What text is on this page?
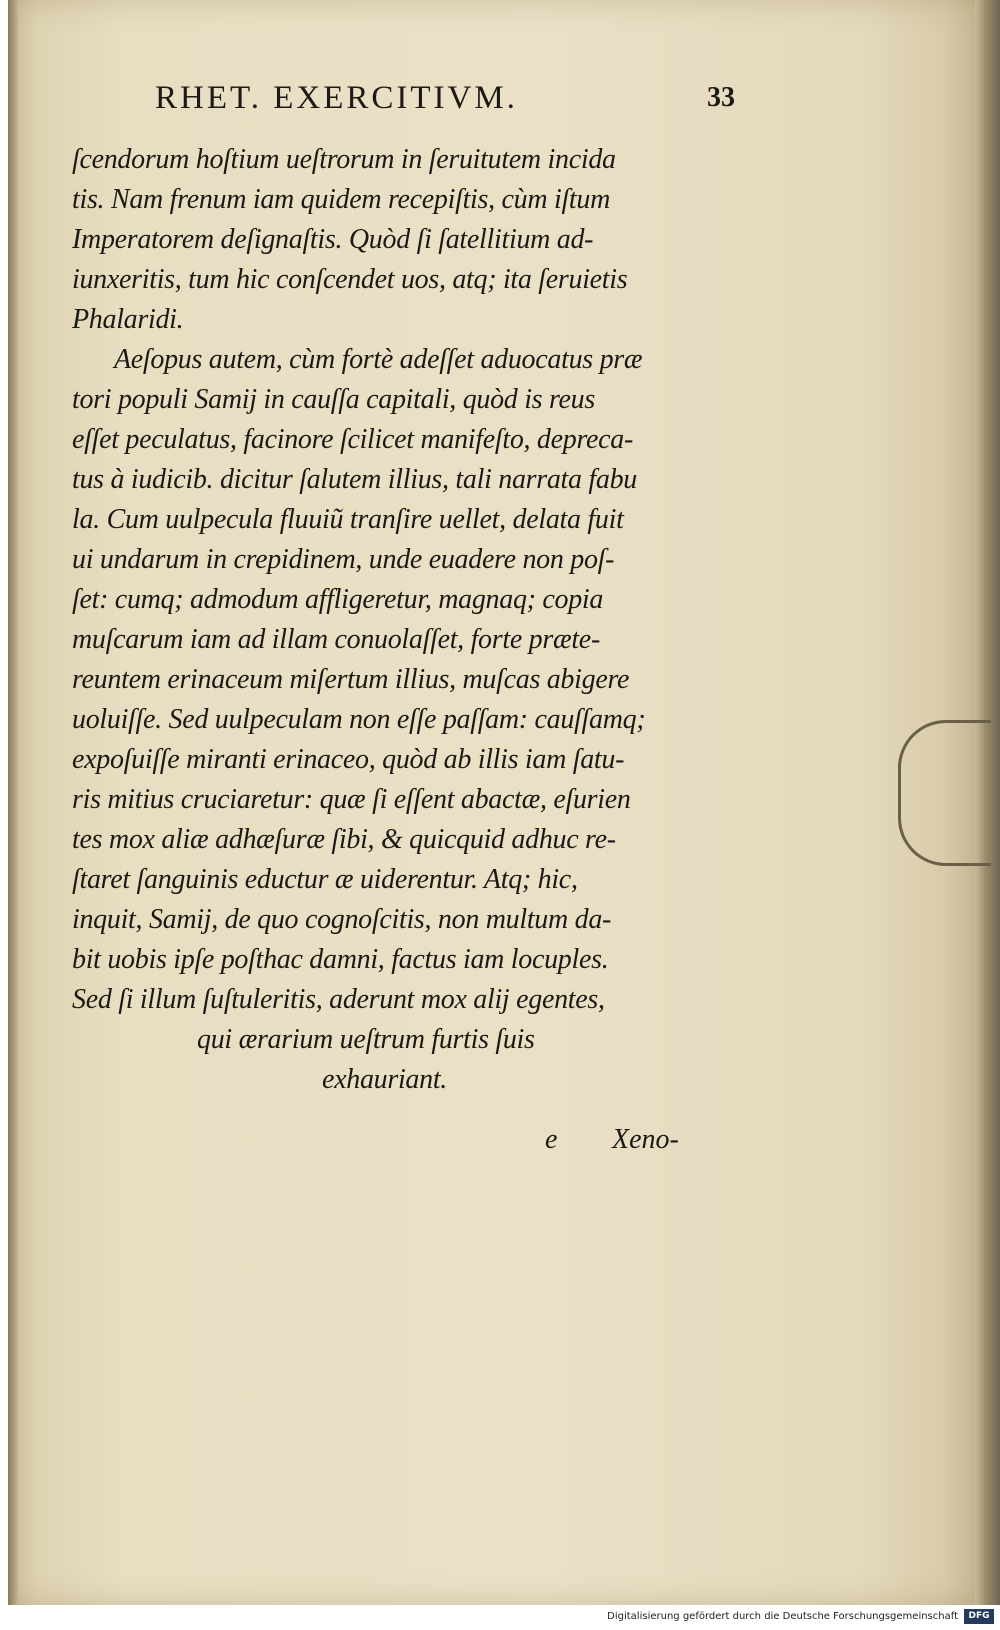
RHET. EXERCITIVM.	33
ſcendorum hoſtium ueſtrorum in ſeruitutem incida
tis. Nam frenum iam quidem recepiſtis, cùm iſtum
Imperatorem deſignaſtis. Quòd ſi ſatellitium ad-
iunxeritis, tum hic conſcendet uos, atq; ita ſeruietis
Phalaridi.
Aeſopus autem, cùm fortè adeſſet aduocatus præ
tori populi Samij in cauſſa capitali, quòd is reus
eſſet peculatus, facinore ſcilicet manifeſto, depreca-
tus à iudicib. dicitur ſalutem illius, tali narrata fabu
la. Cum uulpecula fluuiũ tranſire uellet, delata fuit
ui undarum in crepidinem, unde euadere non poſ-
ſet: cumq; admodum affligeretur, magnaq; copia
muſcarum iam ad illam conuolaſſet, forte præte-
reuntem erinaceum miſertum illius, muſcas abigere
uoluiſſe. Sed uulpeculam non eſſe paſſam: cauſſamq;
expoſuiſſe miranti erinaceo, quòd ab illis iam ſatu-
ris mitius cruciaretur: quæ ſi eſſent abactæ, eſurien
tes mox aliæ adhæſuræ ſibi, & quicquid adhuc re-
ſtaret ſanguinis eductur æ uiderentur. Atq; hic,
inquit, Samij, de quo cognoſcitis, non multum da-
bit uobis ipſe poſthac damni, factus iam locuples.
Sed ſi illum ſuſtuleritis, aderunt mox alij egentes,
qui ærarium ueſtrum furtis ſuis
exhauriant.
e Xeno-
Digitalisierung gefördert durch die Deutsche Forschungsgemeinschaft	DFG
